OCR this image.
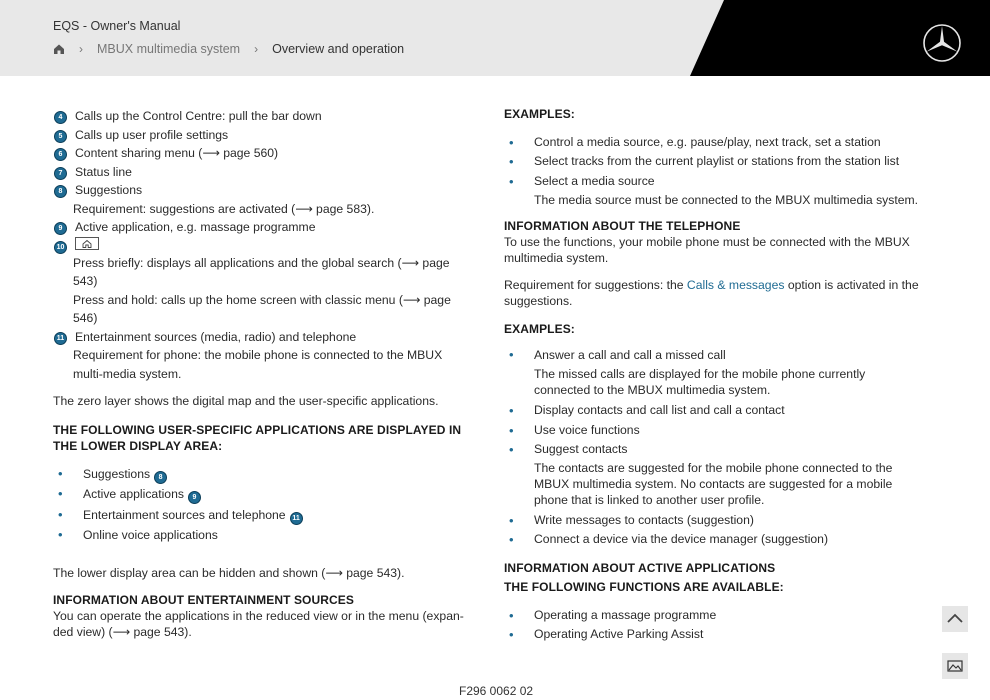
EQS - Owner's Manual
› MBUX multimedia system › Overview and operation
4	Calls up the Control Centre: pull the bar down
5	Calls up user profile settings
6	Content sharing menu (⟶ page 560)
7	Status line
8	Suggestions
Requirement: suggestions are activated (⟶ page 583).
9	Active application, e.g. massage programme
10
Press briefly: displays all applications and the global search (⟶ page 543)
Press and hold: calls up the home screen with classic menu (⟶ page 546)
11 Entertainment sources (media, radio) and telephone
Requirement for phone: the mobile phone is connected to the MBUX multi-media system.

The zero layer shows the digital map and the user-specific applications.

THE FOLLOWING USER-SPECIFIC APPLICATIONS ARE DISPLAYED IN THE LOWER DISPLAY AREA:
• Suggestions 8
• Active applications 9
• Entertainment sources and telephone 11
• Online voice applications

The lower display area can be hidden and shown (⟶ page 543).

INFORMATION ABOUT ENTERTAINMENT SOURCES

You can operate the applications in the reduced view or in the menu (expan-ded view) (⟶ page 543).

EXAMPLES:
• Control a media source, e.g. pause/play, next track, set a station
• Select tracks from the current playlist or stations from the station list
• Select a media source
The media source must be connected to the MBUX multimedia system.
INFORMATION ABOUT THE TELEPHONE

To use the functions, your mobile phone must be connected with the MBUX multimedia system.

Requirement for suggestions: the Calls & messages option is activated in the suggestions.

EXAMPLES:
• Answer a call and call a missed call
The missed calls are displayed for the mobile phone currently connected to the MBUX multimedia system.
• Display contacts and call list and call a contact
• Use voice functions
• Suggest contacts
The contacts are suggested for the mobile phone connected to the MBUX multimedia system. No contacts are suggested for a mobile phone that is linked to another user profile.
• Write messages to contacts (suggestion)
• Connect a device via the device manager (suggestion)
INFORMATION ABOUT ACTIVE APPLICATIONS
THE FOLLOWING FUNCTIONS ARE AVAILABLE:
• Operating a massage programme
• Operating Active Parking Assist
F296 0062 02
